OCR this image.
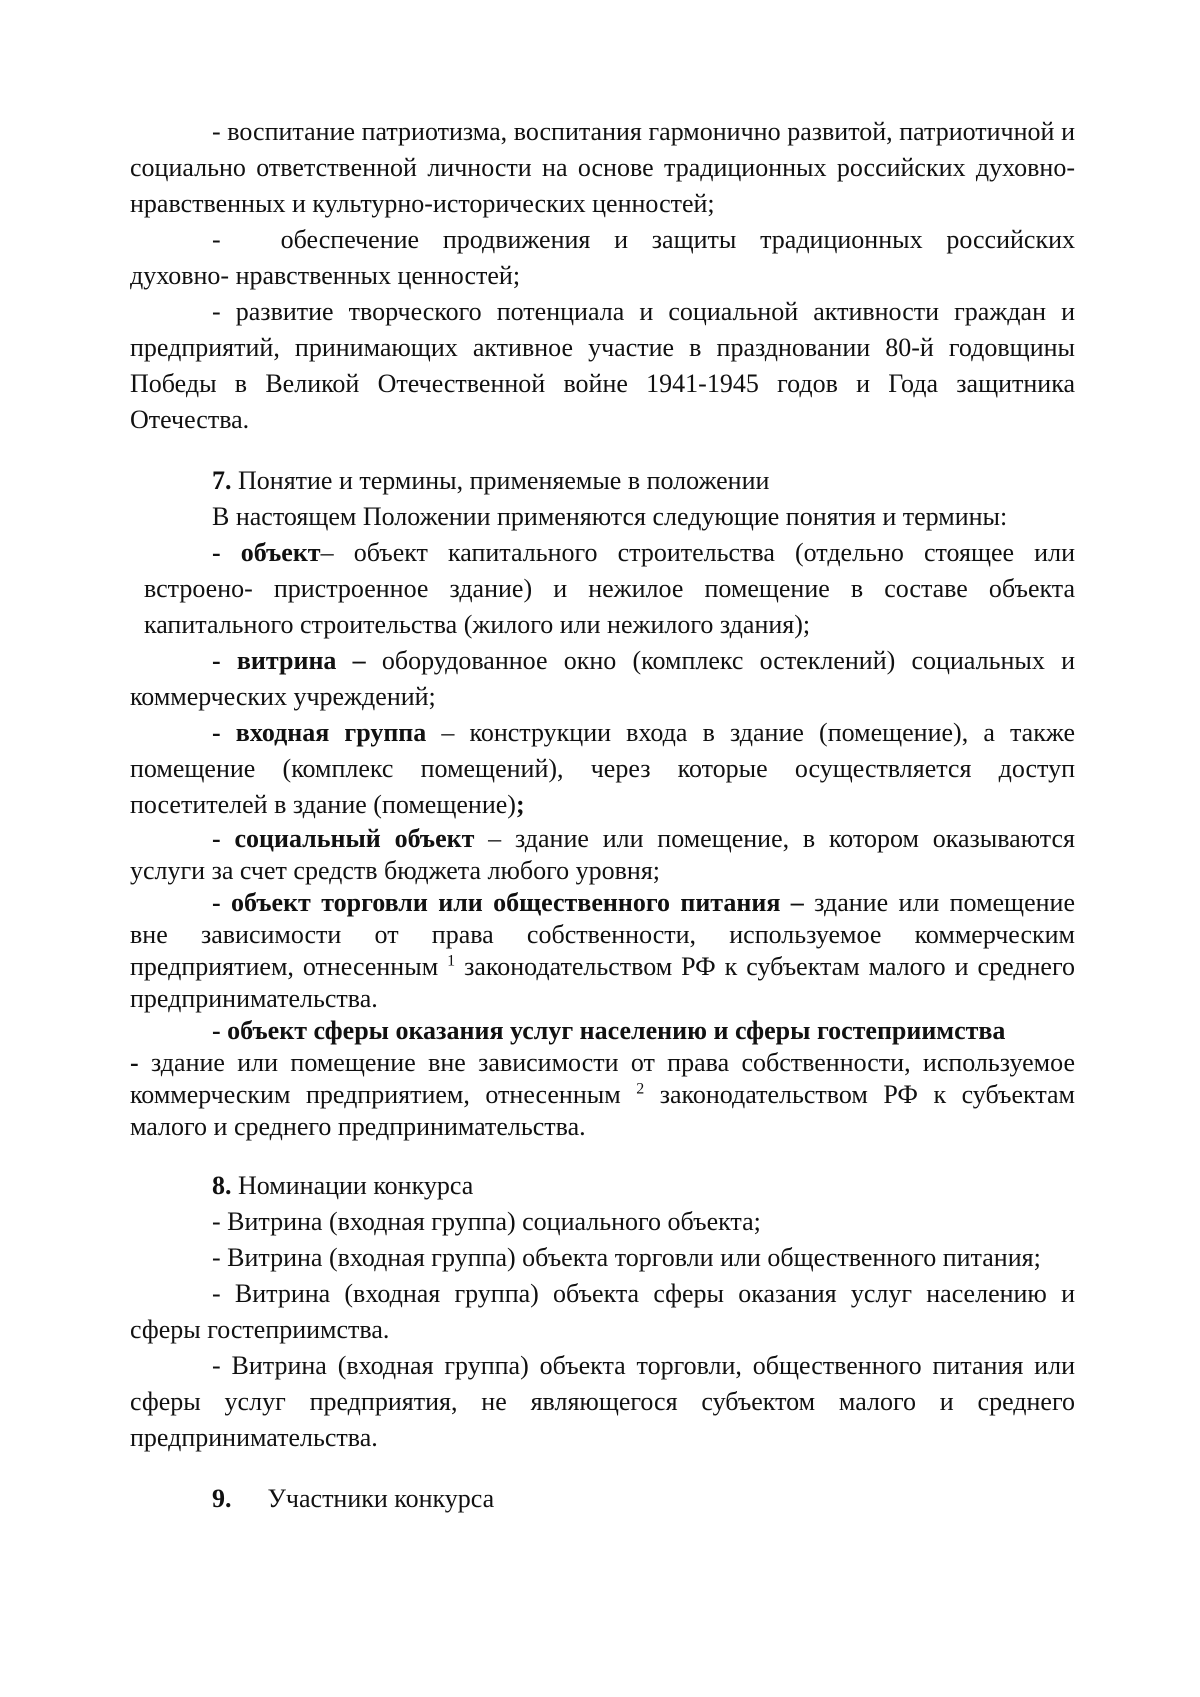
- воспитание патриотизма, воспитания гармонично развитой, патриотичной и социально ответственной личности на основе традиционных российских духовно-нравственных и культурно-исторических ценностей;

- обеспечение продвижения и защиты традиционных российских духовно- нравственных ценностей;

- развитие творческого потенциала и социальной активности граждан и предприятий, принимающих активное участие в праздновании 80-й годовщины Победы в Великой Отечественной войне 1941-1945 годов и Года защитника Отечества.

7. Понятие и термины, применяемые в положении

В настоящем Положении применяются следующие понятия и термины:

- объект– объект капитального строительства (отдельно стоящее или встроено- пристроенное здание) и нежилое помещение в составе объекта капитального строительства (жилого или нежилого здания);

- витрина – оборудованное окно (комплекс остеклений) социальных и коммерческих учреждений;

- входная группа – конструкции входа в здание (помещение), а также помещение (комплекс помещений), через которые осуществляется доступ посетителей в здание (помещение);

- социальный объект – здание или помещение, в котором оказываются услуги за счет средств бюджета любого уровня;

- объект торговли или общественного питания – здание или помещение вне зависимости от права собственности, используемое коммерческим предприятием, отнесенным $^1$ законодательством РФ к субъектам малого и среднего предпринимательства.

- объект сферы оказания услуг населению и сферы гостеприимства

- здание или помещение вне зависимости от права собственности, используемое коммерческим предприятием, отнесенным $^2$ законодательством РФ к субъектам малого и среднего предпринимательства.

8. Номинации конкурса

- Витрина (входная группа) социального объекта;

- Витрина (входная группа) объекта торговли или общественного питания;

- Витрина (входная группа) объекта сферы оказания услуг населению и сферы гостеприимства.

- Витрина (входная группа) объекта торговли, общественного питания или сферы услуг предприятия, не являющегося субъектом малого и среднего предпринимательства.

9. Участники конкурса
